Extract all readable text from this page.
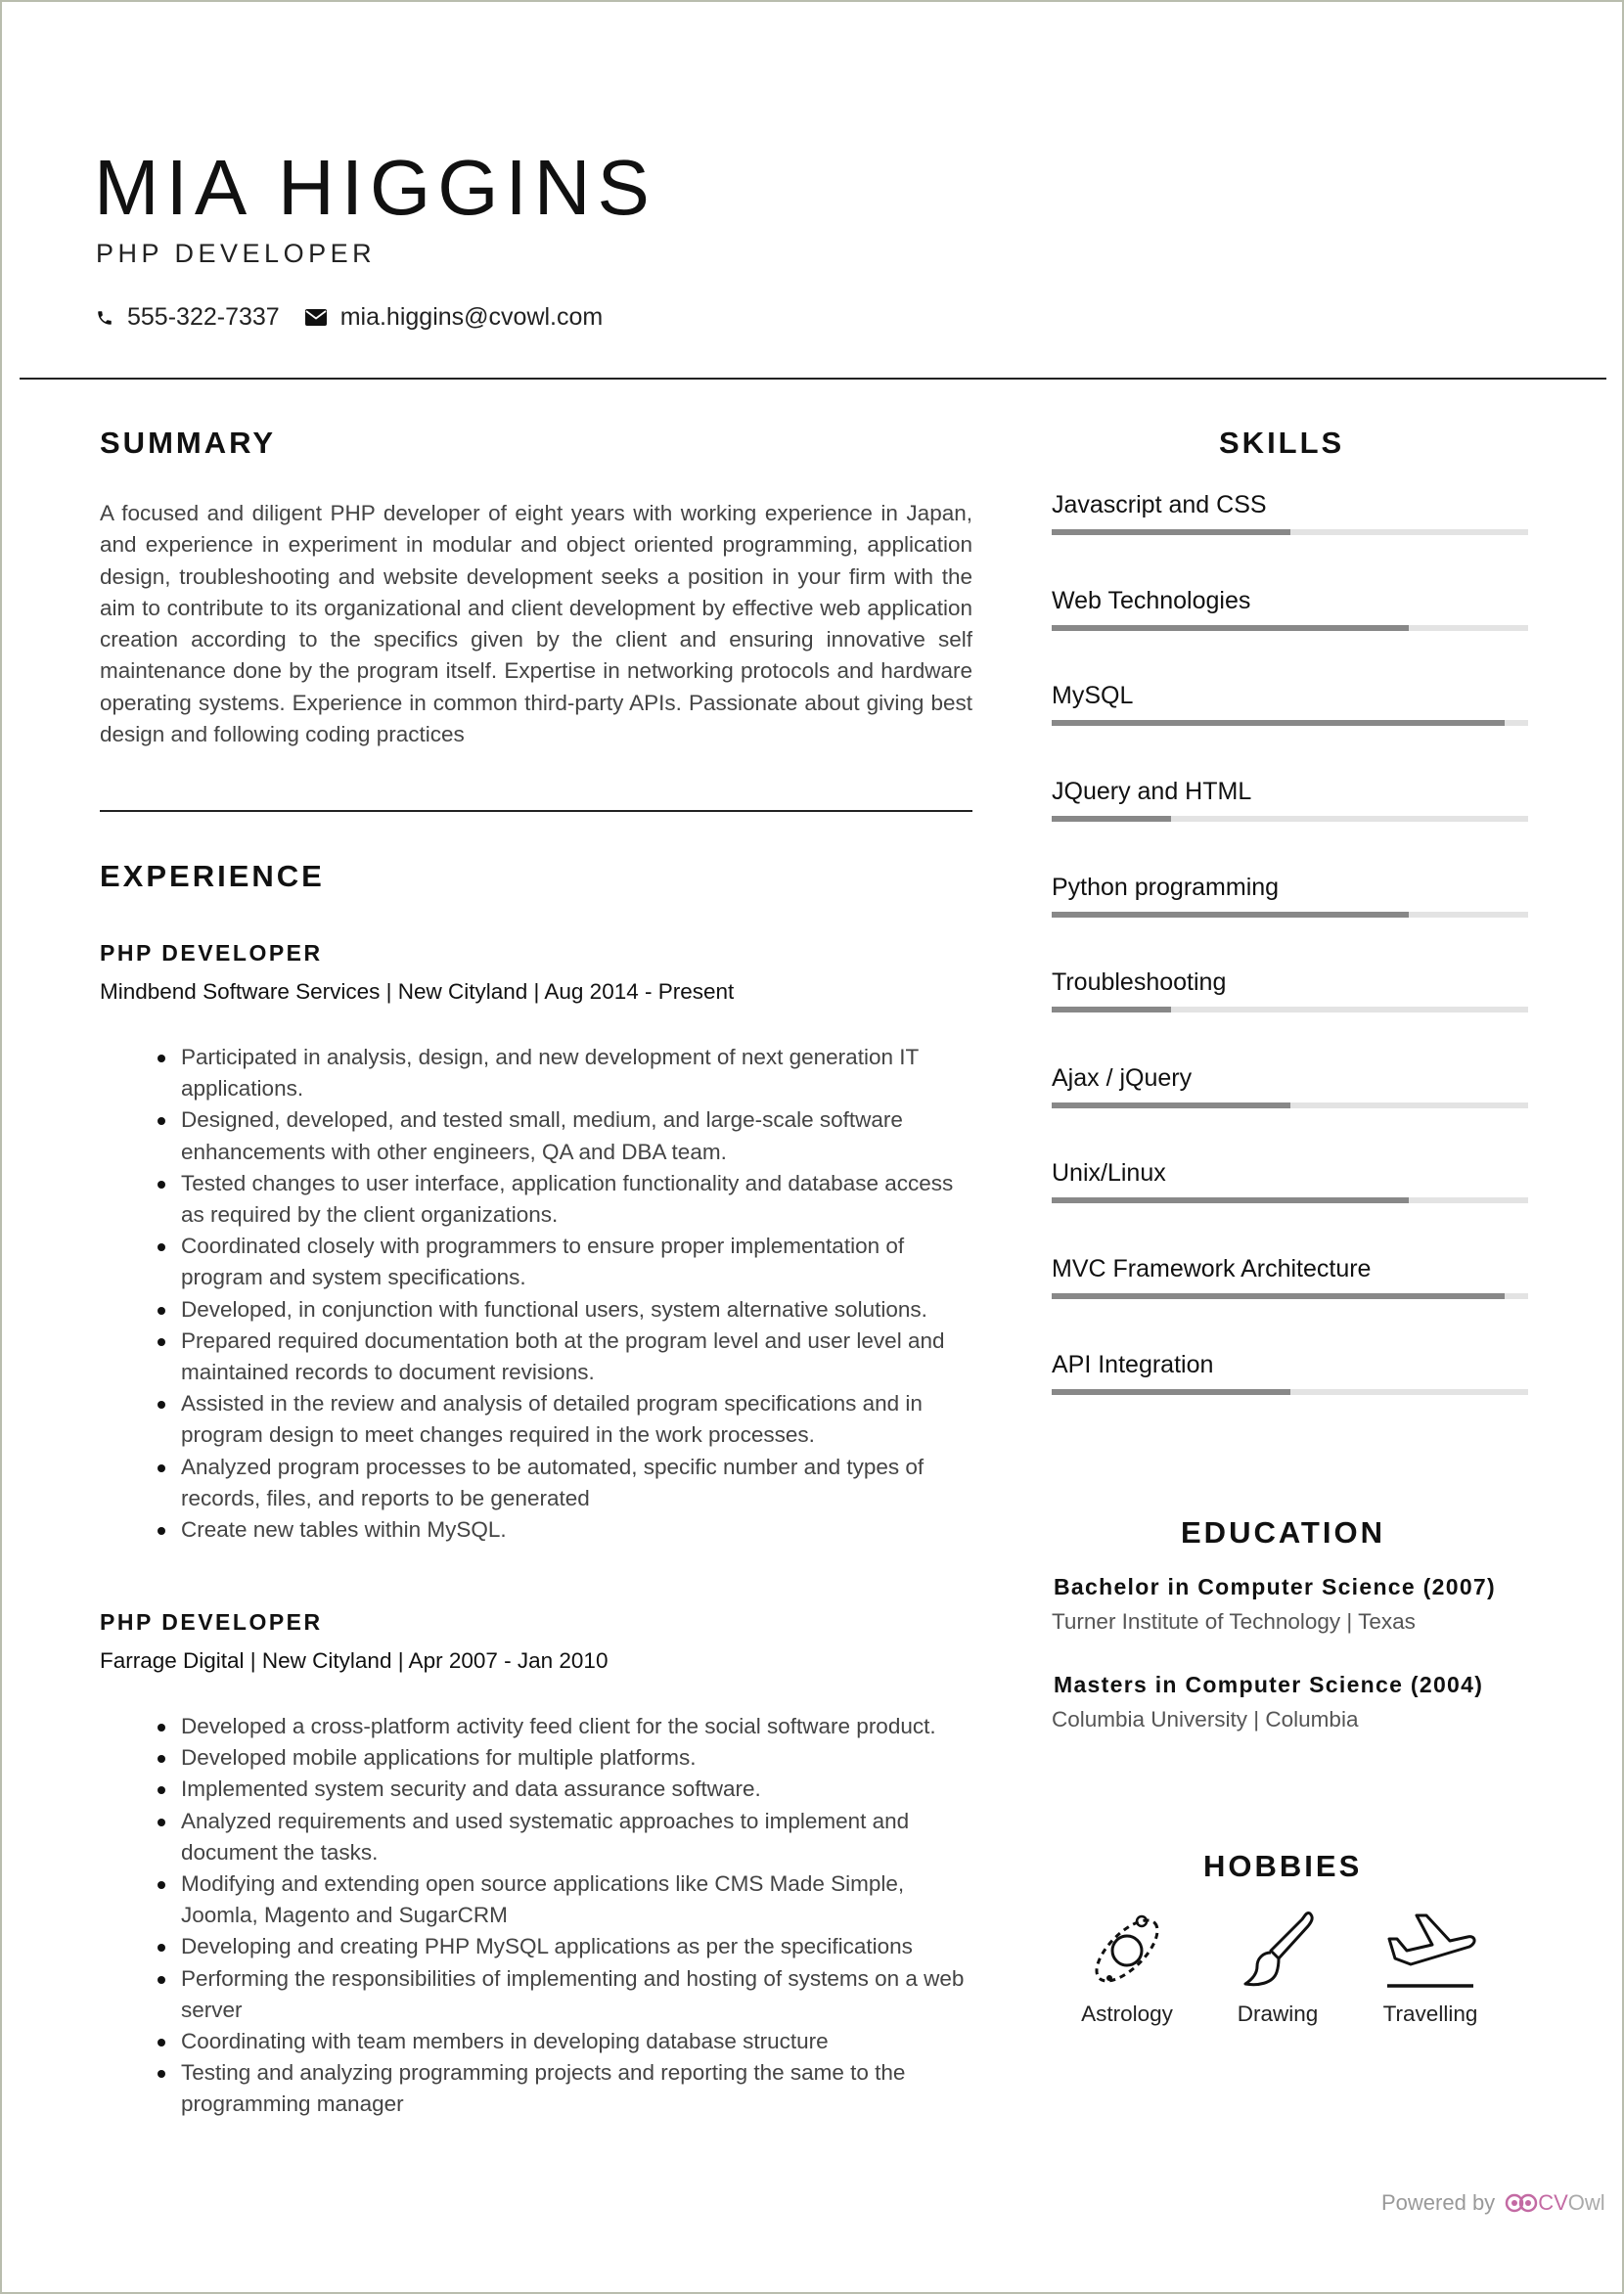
MIA HIGGINS
PHP DEVELOPER
555-322-7337 mia.higgins@cvowl.com
SUMMARY
A focused and diligent PHP developer of eight years with working experience in Japan, and experience in experiment in modular and object oriented programming, application design, troubleshooting and website development seeks a position in your firm with the aim to contribute to its organizational and client development by effective web application creation according to the specifics given by the client and ensuring innovative self maintenance done by the program itself. Expertise in networking protocols and hardware operating systems. Experience in common third-party APIs. Passionate about giving best design and following coding practices
EXPERIENCE
PHP DEVELOPER
Mindbend Software Services | New Cityland | Aug 2014 - Present
Participated in analysis, design, and new development of next generation IT applications.
Designed, developed, and tested small, medium, and large-scale software enhancements with other engineers, QA and DBA team.
Tested changes to user interface, application functionality and database access as required by the client organizations.
Coordinated closely with programmers to ensure proper implementation of program and system specifications.
Developed, in conjunction with functional users, system alternative solutions.
Prepared required documentation both at the program level and user level and maintained records to document revisions.
Assisted in the review and analysis of detailed program specifications and in program design to meet changes required in the work processes.
Analyzed program processes to be automated, specific number and types of records, files, and reports to be generated
Create new tables within MySQL.
PHP DEVELOPER
Farrage Digital | New Cityland | Apr 2007 - Jan 2010
Developed a cross-platform activity feed client for the social software product.
Developed mobile applications for multiple platforms.
Implemented system security and data assurance software.
Analyzed requirements and used systematic approaches to implement and document the tasks.
Modifying and extending open source applications like CMS Made Simple, Joomla, Magento and SugarCRM
Developing and creating PHP MySQL applications as per the specifications
Performing the responsibilities of implementing and hosting of systems on a web server
Coordinating with team members in developing database structure
Testing and analyzing programming projects and reporting the same to the programming manager
SKILLS
Javascript and CSS
Web Technologies
MySQL
JQuery and HTML
Python programming
Troubleshooting
Ajax / jQuery
Unix/Linux
MVC Framework Architecture
API Integration
EDUCATION
Bachelor in Computer Science (2007)
Turner Institute of Technology | Texas
Masters in Computer Science (2004)
Columbia University | Columbia
HOBBIES
Astrology	Drawing	Travelling
Powered by CV Owl
